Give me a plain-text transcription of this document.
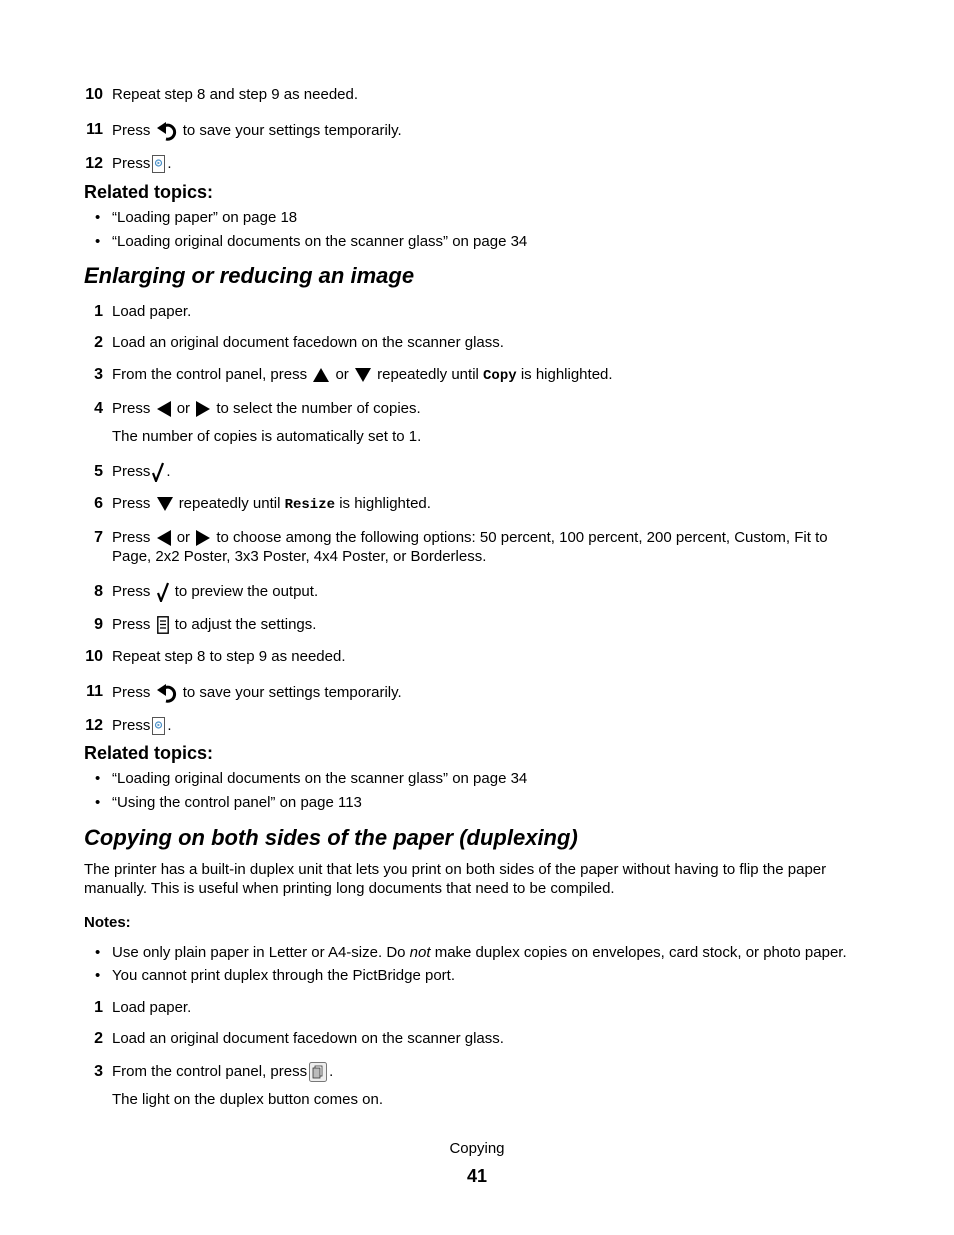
10 Repeat step 8 and step 9 as needed.
11 Press to save your settings temporarily.
12 Press .
Related topics:
• “Loading paper” on page 18
• “Loading original documents on the scanner glass” on page 34
Enlarging or reducing an image
1 Load paper.
2 Load an original document facedown on the scanner glass.
3 From the control panel, press or repeatedly until Copy is highlighted.
4 Press or to select the number of copies.
The number of copies is automatically set to 1.
5 Press .
6 Press repeatedly until Resize is highlighted.
7 Press or to choose among the following options: 50 percent, 100 percent, 200 percent, Custom, Fit to Page, 2x2 Poster, 3x3 Poster, 4x4 Poster, or Borderless.
8 Press to preview the output.
9 Press to adjust the settings.
10 Repeat step 8 to step 9 as needed.
11 Press to save your settings temporarily.
12 Press .
Related topics:
• “Loading original documents on the scanner glass” on page 34
• “Using the control panel” on page 113
Copying on both sides of the paper (duplexing)
The printer has a built-in duplex unit that lets you print on both sides of the paper without having to flip the paper manually. This is useful when printing long documents that need to be compiled.
Notes:
• Use only plain paper in Letter or A4-size. Do not make duplex copies on envelopes, card stock, or photo paper.
• You cannot print duplex through the PictBridge port.
1 Load paper.
2 Load an original document facedown on the scanner glass.
3 From the control panel, press .
The light on the duplex button comes on.
Copying
41
